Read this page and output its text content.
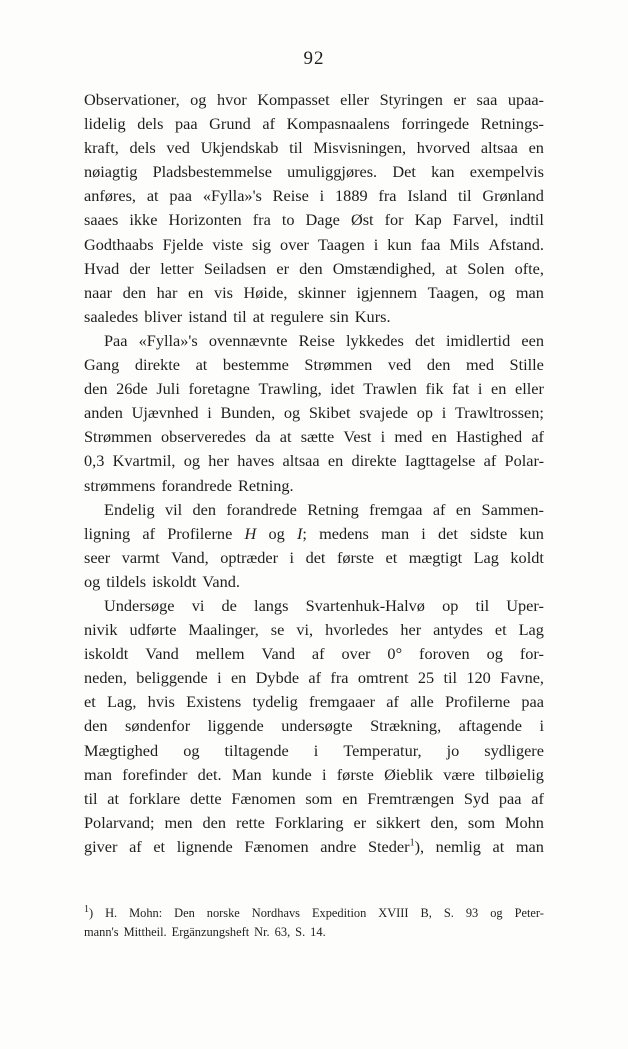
92
Observationer, og hvor Kompasset eller Styringen er saa upaa-
lidelig dels paa Grund af Kompasnaalens forringede Retnings-
kraft, dels ved Ukjendskab til Misvisningen, hvorved altsaa en
nøiagtig Pladsbestemmelse umuliggjøres. Det kan exempelvis
anføres, at paa «Fylla»'s Reise i 1889 fra Island til Grønland
saaes ikke Horizonten fra to Dage Øst for Kap Farvel, indtil
Godthaabs Fjelde viste sig over Taagen i kun faa Mils Afstand.
Hvad der letter Seiladsen er den Omstændighed, at Solen ofte,
naar den har en vis Høide, skinner igjennem Taagen, og man
saaledes bliver istand til at regulere sin Kurs.
Paa «Fylla»'s ovennævnte Reise lykkedes det imidlertid een
Gang direkte at bestemme Strømmen ved den med Stille
den 26de Juli foretagne Trawling, idet Trawlen fik fat i en eller
anden Ujævnhed i Bunden, og Skibet svajede op i Trawltrossen;
Strømmen observeredes da at sætte Vest i med en Hastighed af
0,3 Kvartmil, og her haves altsaa en direkte Iagttagelse af Polar-
strømmens forandrede Retning.
Endelig vil den forandrede Retning fremgaa af en Sammen-
ligning af Profilerne H og I; medens man i det sidste kun
seer varmt Vand, optræder i det første et mægtigt Lag koldt
og tildels iskoldt Vand.
Undersøge vi de langs Svartenhuk-Halvø op til Uper-
nivik udførte Maalinger, se vi, hvorledes her antydes et Lag
iskoldt Vand mellem Vand af over 0° foroven og for-
neden, beliggende i en Dybde af fra omtrent 25 til 120 Favne,
et Lag, hvis Existens tydelig fremgaaer af alle Profilerne paa
den søndenfor liggende undersøgte Strækning, aftagende i
Mægtighed og tiltagende i Temperatur, jo sydligere
man forefinder det. Man kunde i første Øieblik være tilbøielig
til at forklare dette Fænomen som en Fremtrængen Syd paa af
Polarvand; men den rette Forklaring er sikkert den, som Mohn
giver af et lignende Fænomen andre Steder$^1$), nemlig at man
$^1$) H. Mohn: Den norske Nordhavs Expedition XVIII B, S. 93 og Peter-
mann's Mittheil. Ergänzungsheft Nr. 63, S. 14.
